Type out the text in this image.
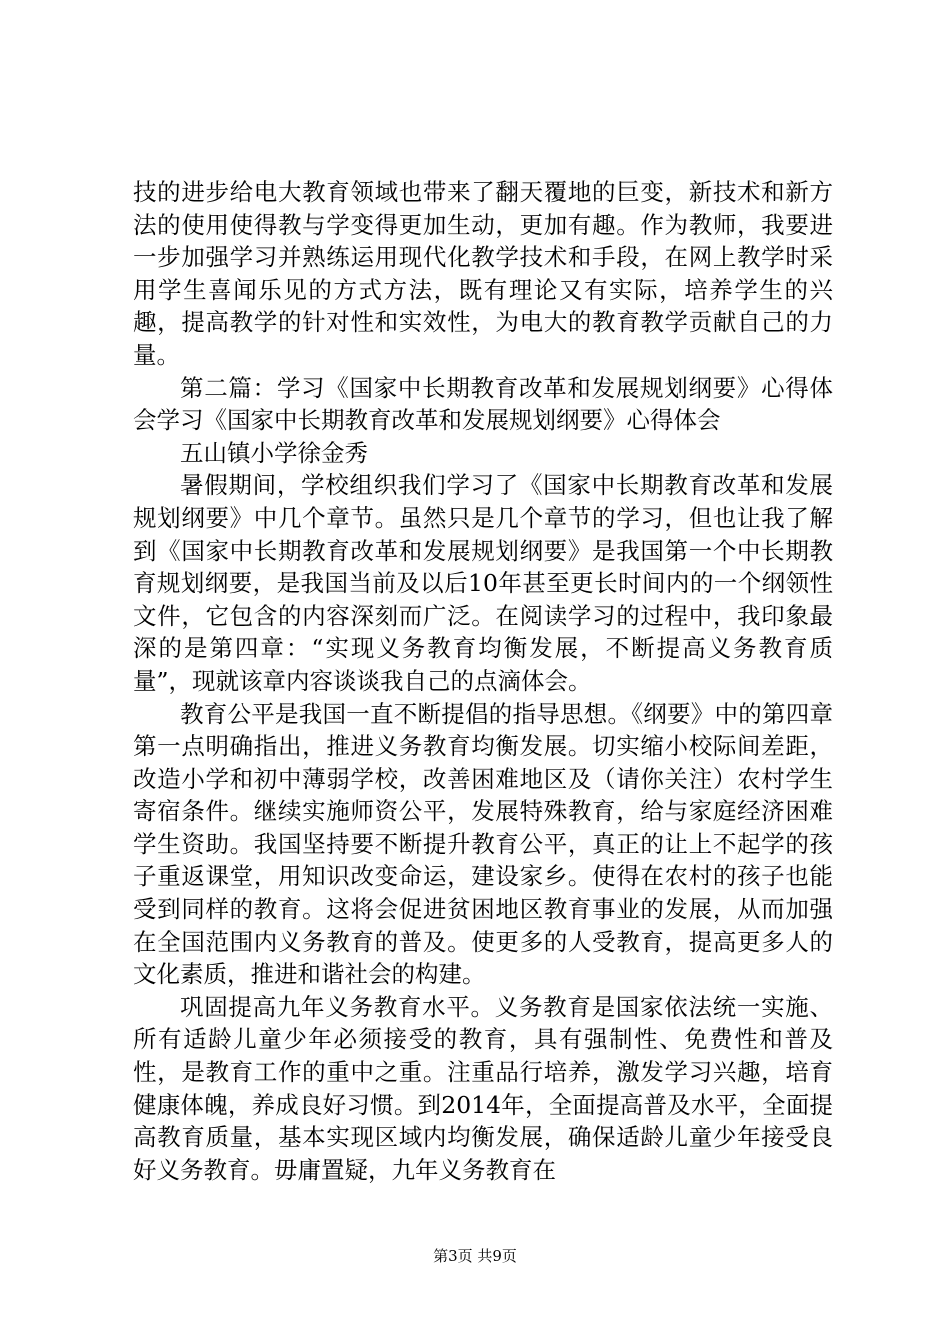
技的进步给电大教育领域也带来了翻天覆地的巨变，新技术和新方法的使用使得教与学变得更加生动，更加有趣。作为教师，我要进一步加强学习并熟练运用现代化教学技术和手段，在网上教学时采用学生喜闻乐见的方式方法，既有理论又有实际，培养学生的兴趣，提高教学的针对性和实效性，为电大的教育教学贡献自己的力量。

第二篇：学习《国家中长期教育改革和发展规划纲要》心得体会学习《国家中长期教育改革和发展规划纲要》心得体会

五山镇小学徐金秀

暑假期间，学校组织我们学习了《国家中长期教育改革和发展规划纲要》中几个章节。虽然只是几个章节的学习，但也让我了解到《国家中长期教育改革和发展规划纲要》是我国第一个中长期教育规划纲要，是我国当前及以后10年甚至更长时间内的一个纲领性文件，它包含的内容深刻而广泛。在阅读学习的过程中，我印象最深的是第四章：“实现义务教育均衡发展，不断提高义务教育质量”，现就该章内容谈谈我自己的点滴体会。

教育公平是我国一直不断提倡的指导思想。《纲要》中的第四章第一点明确指出，推进义务教育均衡发展。切实缩小校际间差距，改造小学和初中薄弱学校，改善困难地区及（请你关注）农村学生寄宿条件。继续实施师资公平，发展特殊教育，给与家庭经济困难学生资助。我国坚持要不断提升教育公平，真正的让上不起学的孩子重返课堂，用知识改变命运，建设家乡。使得在农村的孩子也能受到同样的教育。这将会促进贫困地区教育事业的发展，从而加强在全国范围内义务教育的普及。使更多的人受教育，提高更多人的文化素质，推进和谐社会的构建。

巩固提高九年义务教育水平。义务教育是国家依法统一实施、所有适龄儿童少年必须接受的教育，具有强制性、免费性和普及性，是教育工作的重中之重。注重品行培养，激发学习兴趣，培育健康体魄，养成良好习惯。到2014年，全面提高普及水平，全面提高教育质量，基本实现区域内均衡发展，确保适龄儿童少年接受良好义务教育。毋庸置疑，九年义务教育在

第3页 共9页
